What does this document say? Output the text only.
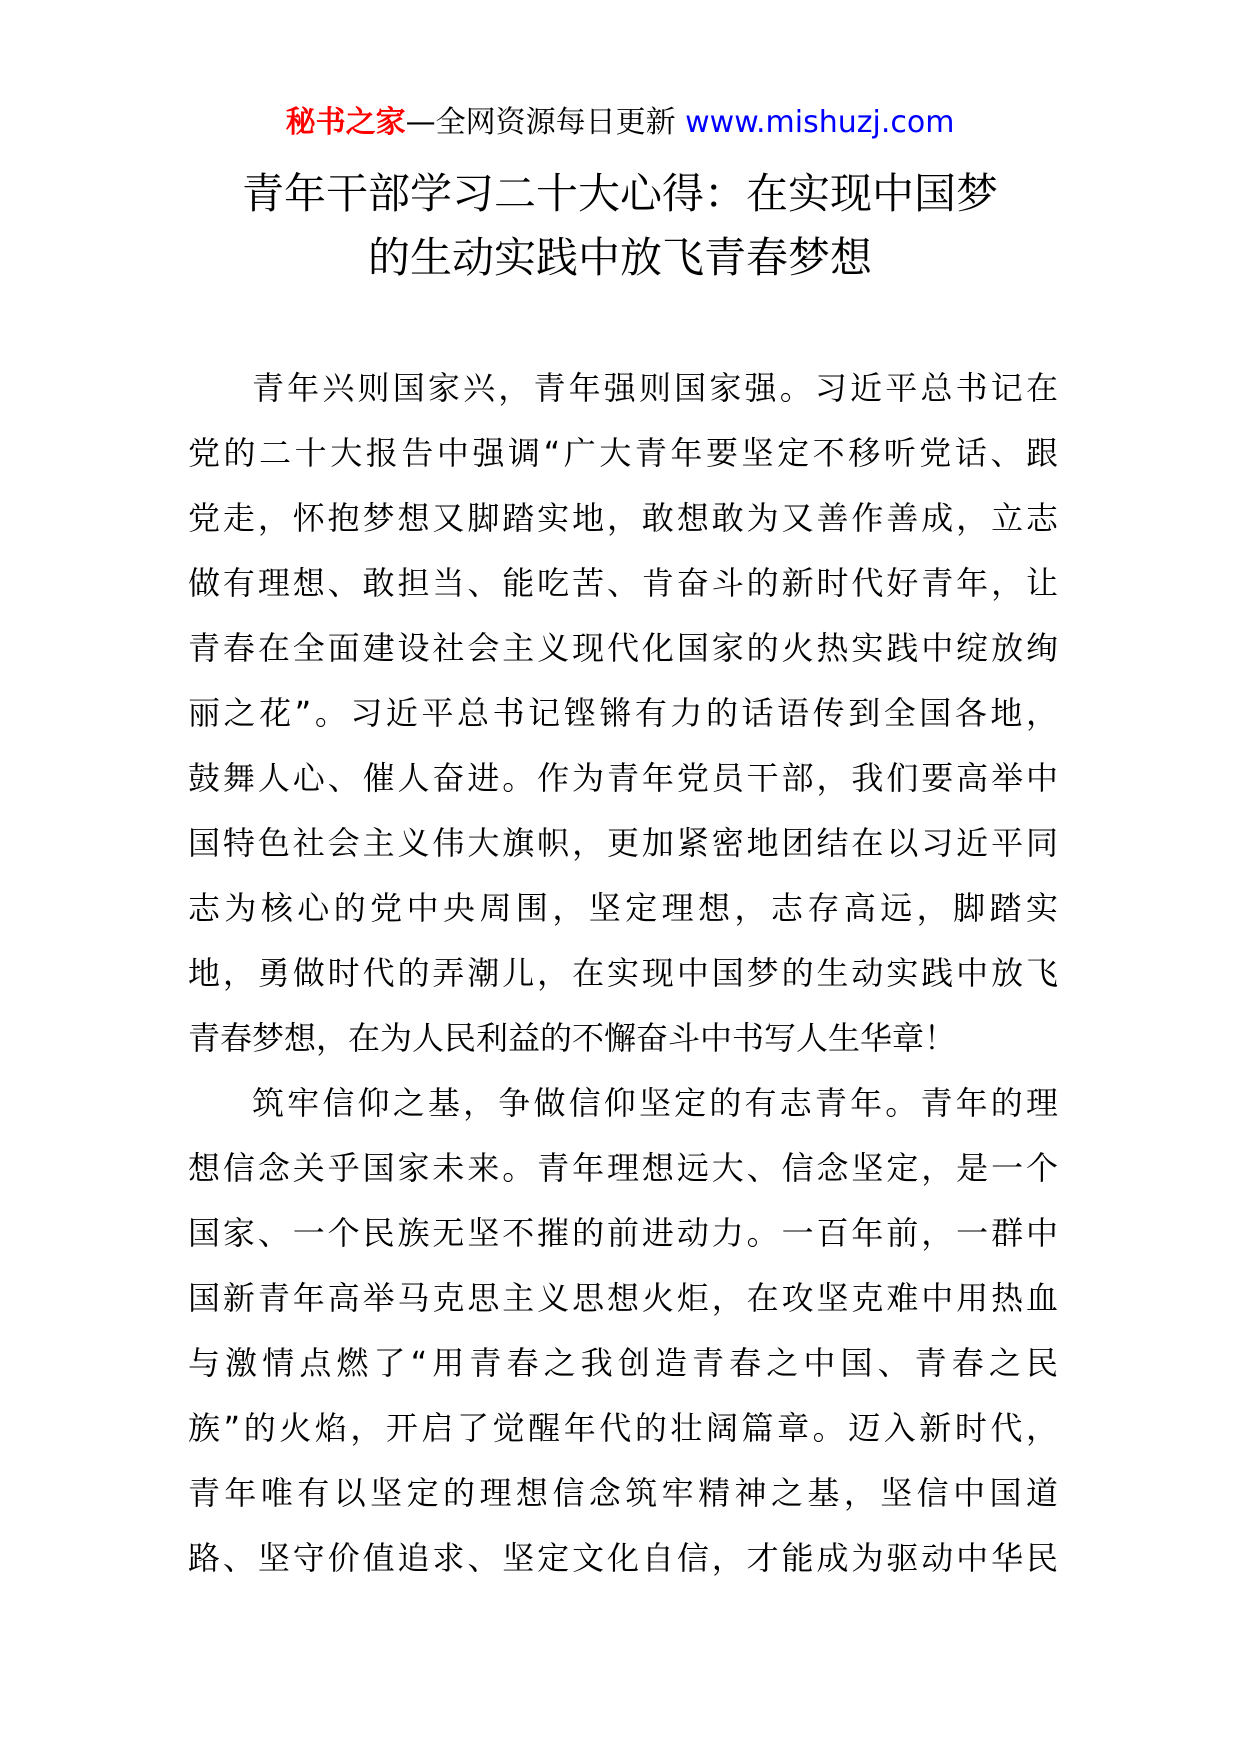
秘书之家—全网资源每日更新 www.mishuzj.com
青年干部学习二十大心得：在实现中国梦
的生动实践中放飞青春梦想
青年兴则国家兴，青年强则国家强。习近平总书记在
党的二十大报告中强调“广大青年要坚定不移听党话、跟
党走，怀抱梦想又脚踏实地，敢想敢为又善作善成，立志
做有理想、敢担当、能吃苦、肯奋斗的新时代好青年，让
青春在全面建设社会主义现代化国家的火热实践中绽放绚
丽之花”。习近平总书记铿锵有力的话语传到全国各地，
鼓舞人心、催人奋进。作为青年党员干部，我们要高举中
国特色社会主义伟大旗帜，更加紧密地团结在以习近平同
志为核心的党中央周围，坚定理想，志存高远，脚踏实
地，勇做时代的弄潮儿，在实现中国梦的生动实践中放飞
青春梦想，在为人民利益的不懈奋斗中书写人生华章！
筑牢信仰之基，争做信仰坚定的有志青年。青年的理
想信念关乎国家未来。青年理想远大、信念坚定，是一个
国家、一个民族无坚不摧的前进动力。一百年前，一群中
国新青年高举马克思主义思想火炬，在攻坚克难中用热血
与激情点燃了“用青春之我创造青春之中国、青春之民
族”的火焰，开启了觉醒年代的壮阔篇章。迈入新时代，
青年唯有以坚定的理想信念筑牢精神之基，坚信中国道
路、坚守价值追求、坚定文化自信，才能成为驱动中华民
